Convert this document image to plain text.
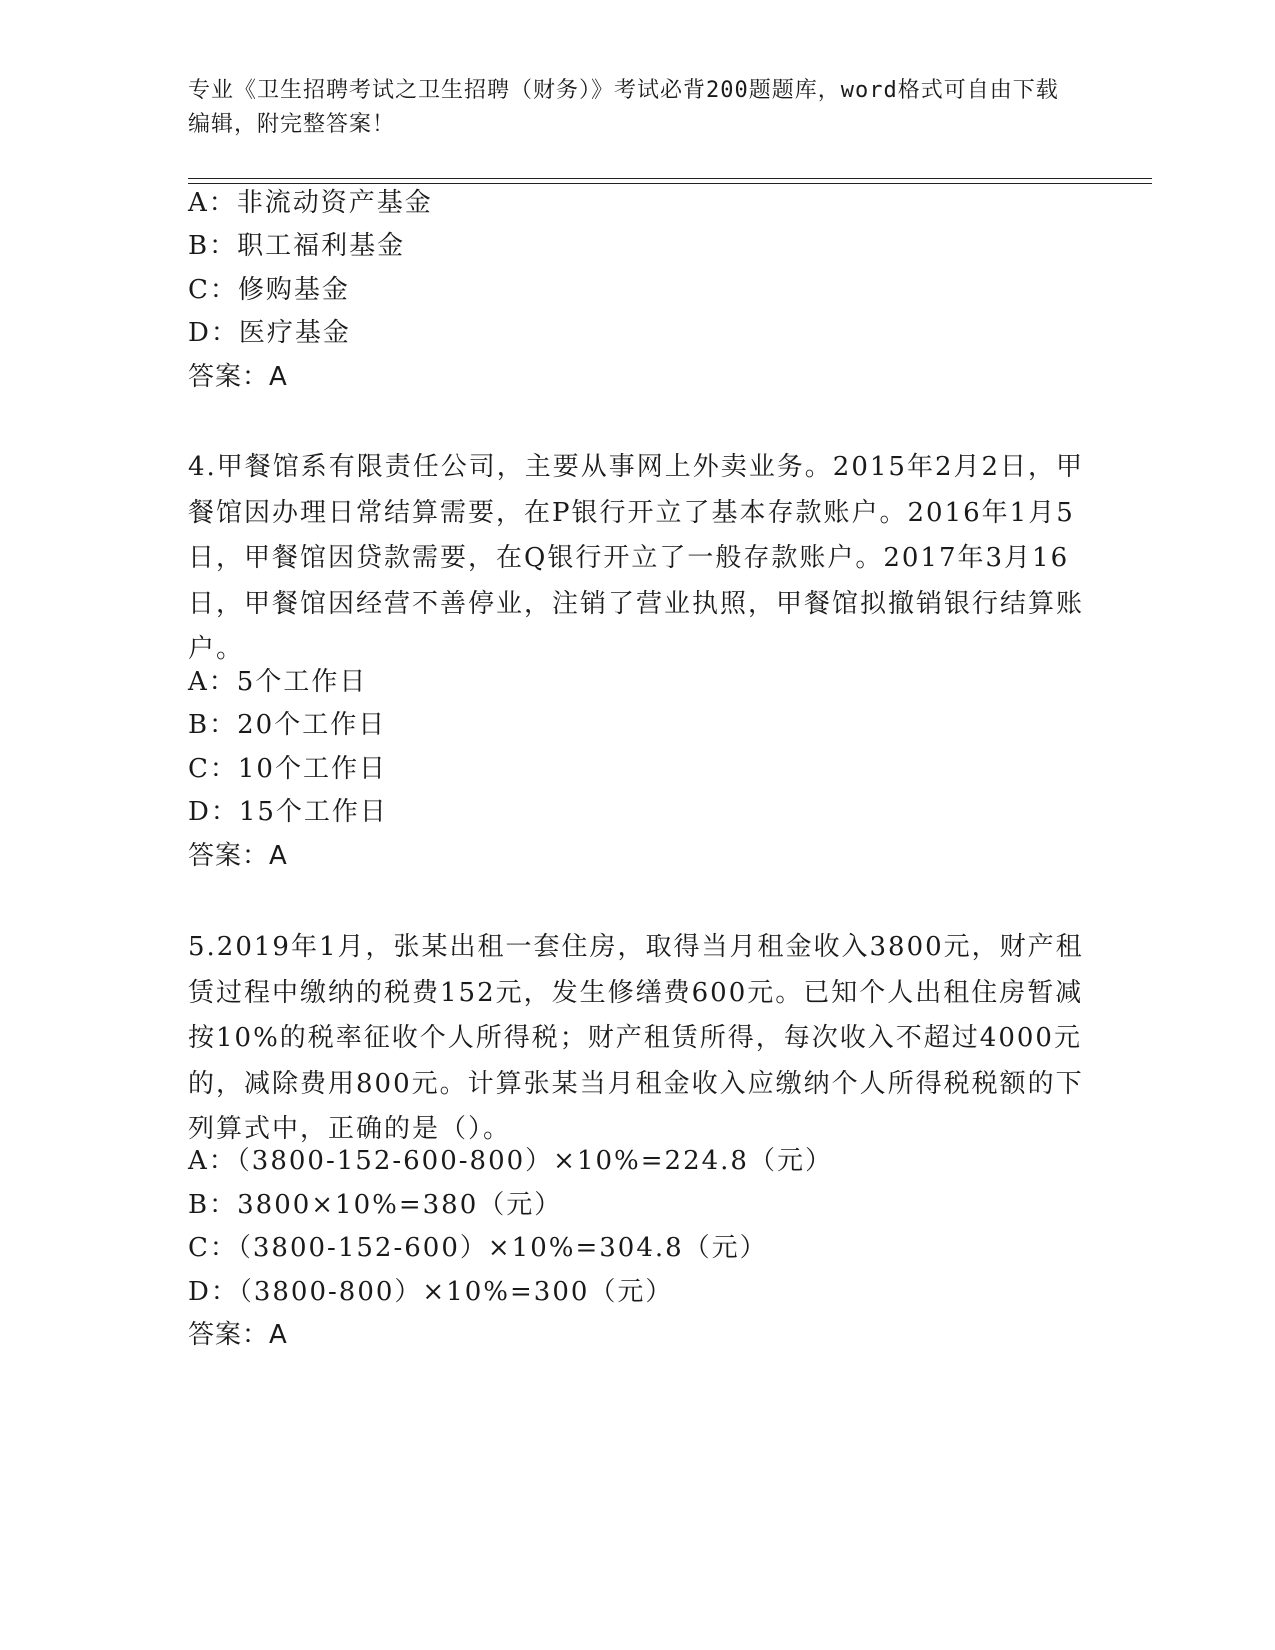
专业《卫生招聘考试之卫生招聘（财务）》考试必背200题题库，word格式可自由下载编辑，附完整答案！
A：非流动资产基金
B：职工福利基金
C：修购基金
D：医疗基金
答案：A
4.甲餐馆系有限责任公司，主要从事网上外卖业务。2015年2月2日，甲餐馆因办理日常结算需要，在P银行开立了基本存款账户。2016年1月5日，甲餐馆因贷款需要，在Q银行开立了一般存款账户。2017年3月16日，甲餐馆因经营不善停业，注销了营业执照，甲餐馆拟撤销银行结算账户。
A：5个工作日
B：20个工作日
C：10个工作日
D：15个工作日
答案：A
5.2019年1月，张某出租一套住房，取得当月租金收入3800元，财产租赁过程中缴纳的税费152元，发生修缮费600元。已知个人出租住房暂减按10%的税率征收个人所得税；财产租赁所得，每次收入不超过4000元的，减除费用800元。计算张某当月租金收入应缴纳个人所得税税额的下列算式中，正确的是（）。
A：（3800-152-600-800）×10%=224.8（元）
B：3800×10%=380（元）
C：（3800-152-600）×10%=304.8（元）
D：（3800-800）×10%=300（元）
答案：A
